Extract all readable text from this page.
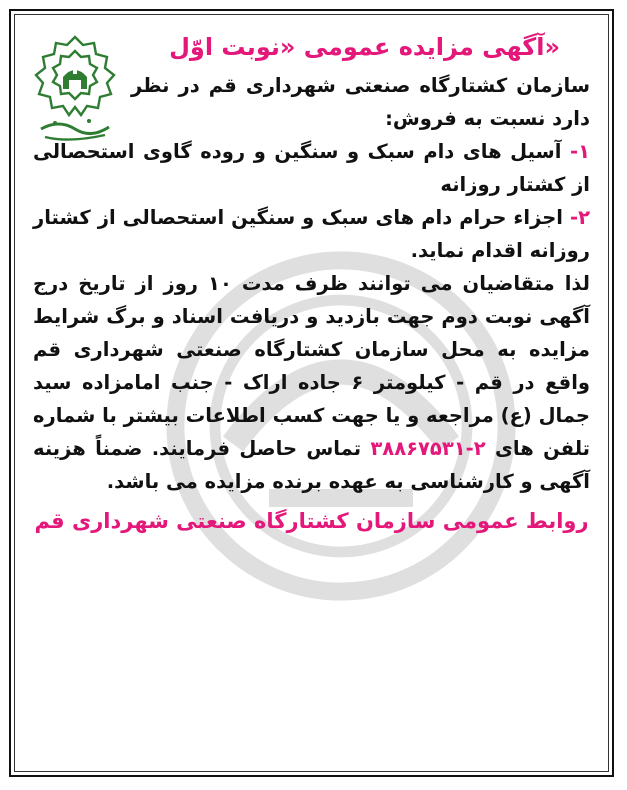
«آگهی مزایده عمومی «نوبت اوّل

سازمان کشتارگاه صنعتی شهرداری قم در نظر دارد نسبت به فروش:

۱- آسیل های دام سبک و سنگین و روده گاوی استحصالی از کشتار روزانه

۲- اجزاء حرام دام های سبک و سنگین استحصالی از کشتار روزانه اقدام نماید.

لذا متقاضیان می توانند ظرف مدت ۱۰ روز از تاریخ درج آگهی نوبت دوم جهت بازدید و دریافت اسناد و برگ شرایط مزایده به محل سازمان کشتارگاه صنعتی شهرداری قم واقع در قم - کیلومتر ۶ جاده اراک - جنب امامزاده سید جمال (ع) مراجعه و یا جهت کسب اطلاعات بیشتر با شماره تلفن های ۳۸۸۶۷۵۳۱-۲ تماس حاصل فرمایند. ضمناً هزینه آگهی و کارشناسی به عهده برنده مزایده می باشد.

روابط عمومی سازمان کشتارگاه صنعتی شهرداری قم
